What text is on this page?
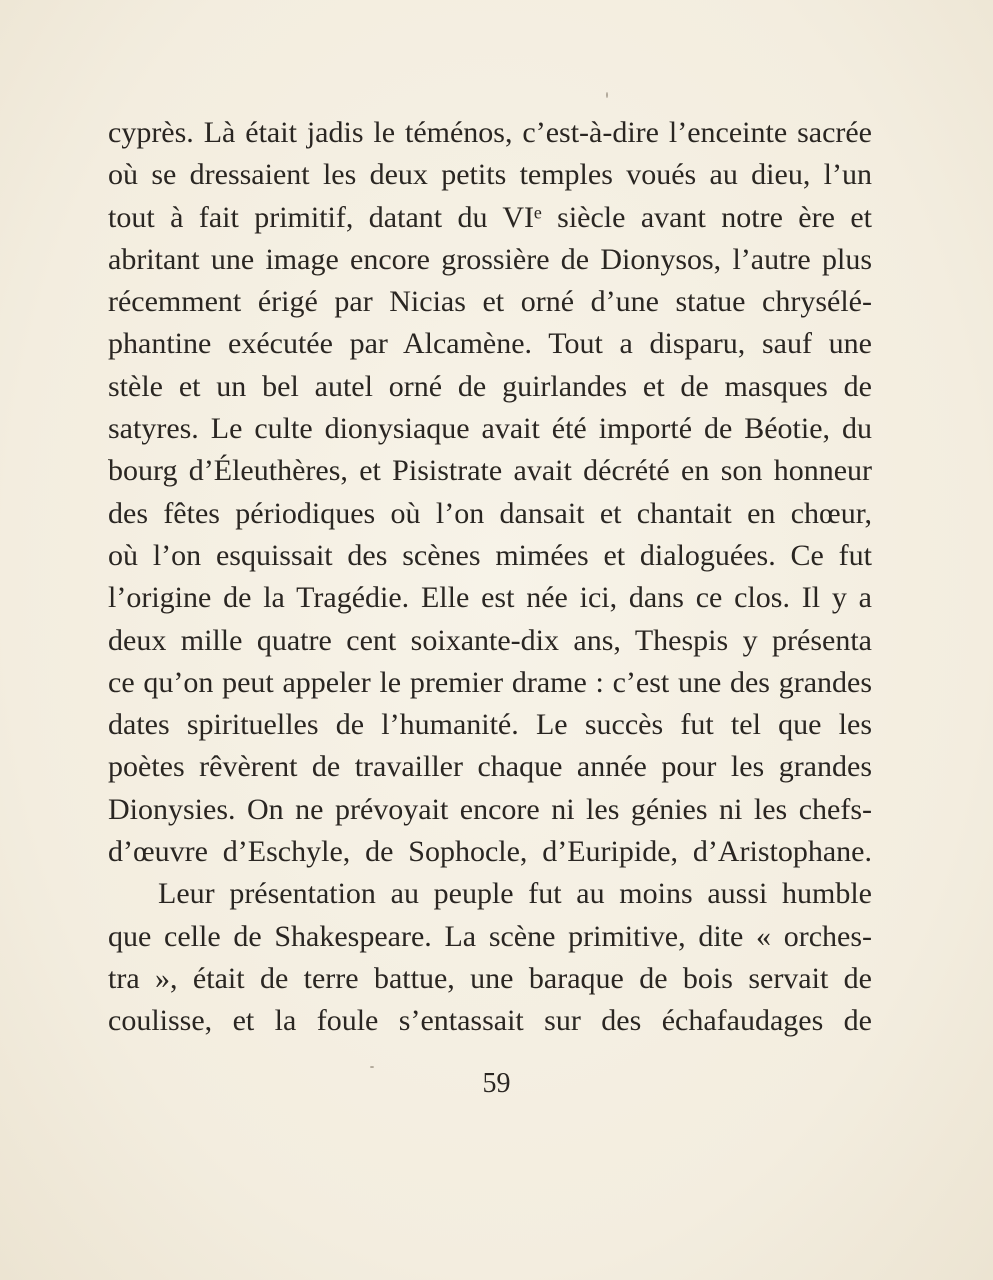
cyprès. Là était jadis le téménos, c’est-à-dire l’enceinte sacrée
où se dressaient les deux petits temples voués au dieu, l’un
tout à fait primitif, datant du VIᵉ siècle avant notre ère et
abritant une image encore grossière de Dionysos, l’autre plus
récemment érigé par Nicias et orné d’une statue chrysélé-
phantine exécutée par Alcamène. Tout a disparu, sauf une
stèle et un bel autel orné de guirlandes et de masques de
satyres. Le culte dionysiaque avait été importé de Béotie, du
bourg d’Éleuthères, et Pisistrate avait décrété en son honneur
des fêtes périodiques où l’on dansait et chantait en chœur,
où l’on esquissait des scènes mimées et dialoguées. Ce fut
l’origine de la Tragédie. Elle est née ici, dans ce clos. Il y a
deux mille quatre cent soixante-dix ans, Thespis y présenta
ce qu’on peut appeler le premier drame : c’est une des grandes
dates spirituelles de l’humanité. Le succès fut tel que les
poètes rêvèrent de travailler chaque année pour les grandes
Dionysies. On ne prévoyait encore ni les génies ni les chefs-
d’œuvre d’Eschyle, de Sophocle, d’Euripide, d’Aristophane.
Leur présentation au peuple fut au moins aussi humble
que celle de Shakespeare. La scène primitive, dite « orches-
tra », était de terre battue, une baraque de bois servait de
coulisse, et la foule s’entassait sur des échafaudages de
59
